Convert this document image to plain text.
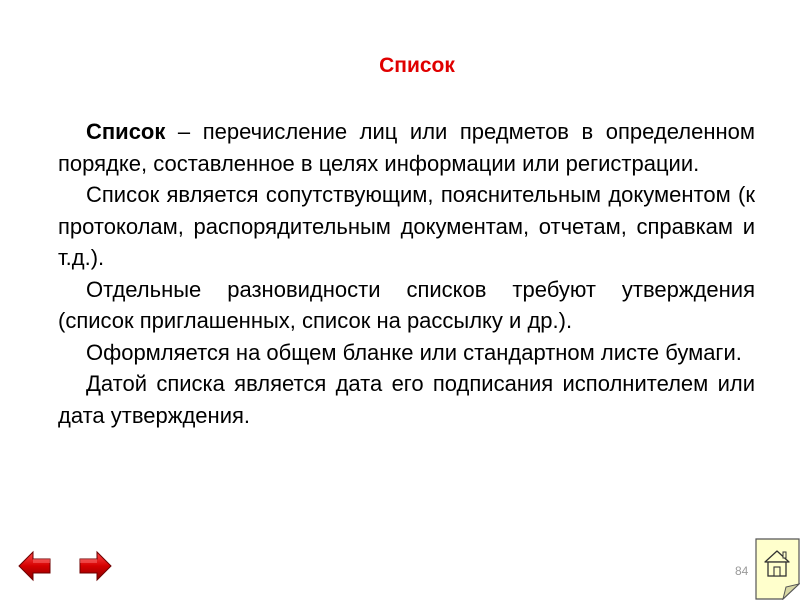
Список

Список – перечисление лиц или предметов в определенном порядке, составленное в целях информации или регистрации.

Список является сопутствующим, пояснительным документом (к протоколам, распорядительным документам, отчетам, справкам и т.д.).

Отдельные разновидности списков требуют утверждения (список приглашенных, список на рассылку и др.).

Оформляется на общем бланке или стандартном листе бумаги.

Датой списка является дата его подписания исполнителем или дата утверждения.

84
